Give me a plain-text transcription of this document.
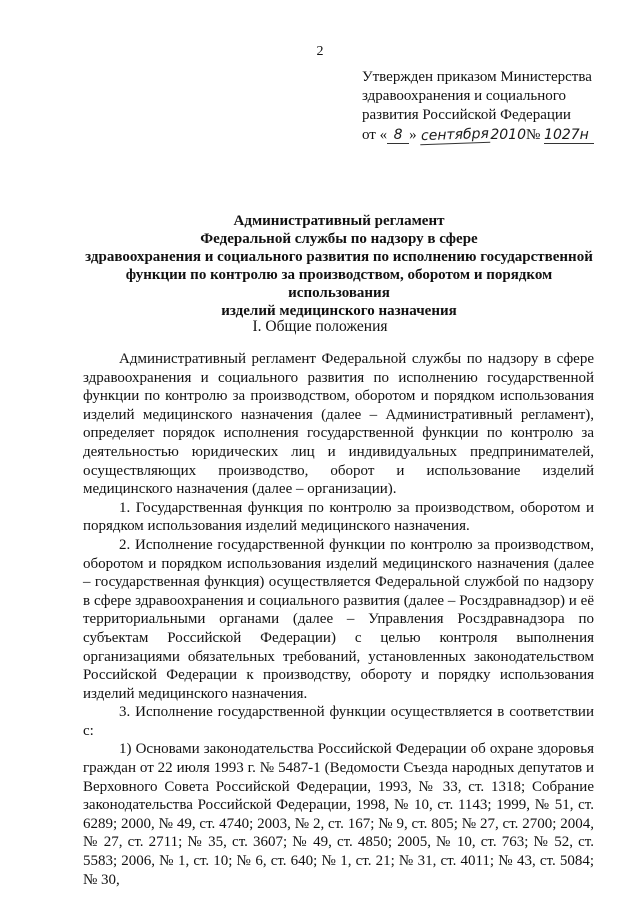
2
Утвержден приказом Министерства
здравоохранения и социального
развития Российской Федерации
от « 8 » сентября2010№ 1027н
Административный регламент
Федеральной службы по надзору в сфере
здравоохранения и социального развития по исполнению государственной
функции по контролю за производством, оборотом и порядком использования
изделий медицинского назначения
I. Общие положения

Административный регламент Федеральной службы по надзору в сфере здравоохранения и социального развития по исполнению государственной функции по контролю за производством, оборотом и порядком использования изделий медицинского назначения (далее – Административный регламент), определяет порядок исполнения государственной функции по контролю за деятельностью юридических лиц и индивидуальных предпринимателей, осуществляющих производство, оборот и использование изделий медицинского назначения (далее – организации).

1. Государственная функция по контролю за производством, оборотом и порядком использования изделий медицинского назначения.

2. Исполнение государственной функции по контролю за производством, оборотом и порядком использования изделий медицинского назначения (далее – государственная функция) осуществляется Федеральной службой по надзору в сфере здравоохранения и социального развития (далее – Росздравнадзор) и её территориальными органами (далее – Управления Росздравнадзора по субъектам Российской Федерации) с целью контроля выполнения организациями обязательных требований, установленных законодательством Российской Федерации к производству, обороту и порядку использования изделий медицинского назначения.

3. Исполнение государственной функции осуществляется в соответствии с:

1) Основами законодательства Российской Федерации об охране здоровья граждан от 22 июля 1993 г. № 5487-1 (Ведомости Съезда народных депутатов и Верховного Совета Российской Федерации, 1993, № 33, ст. 1318; Собрание законодательства Российской Федерации, 1998, № 10, ст. 1143; 1999, № 51, ст. 6289; 2000, № 49, ст. 4740; 2003, № 2, ст. 167; № 9, ст. 805; № 27, ст. 2700; 2004, № 27, ст. 2711; № 35, ст. 3607; № 49, ст. 4850; 2005, № 10, ст. 763; № 52, ст. 5583; 2006, № 1, ст. 10; № 6, ст. 640; № 1, ст. 21; № 31, ст. 4011; № 43, ст. 5084; № 30,
